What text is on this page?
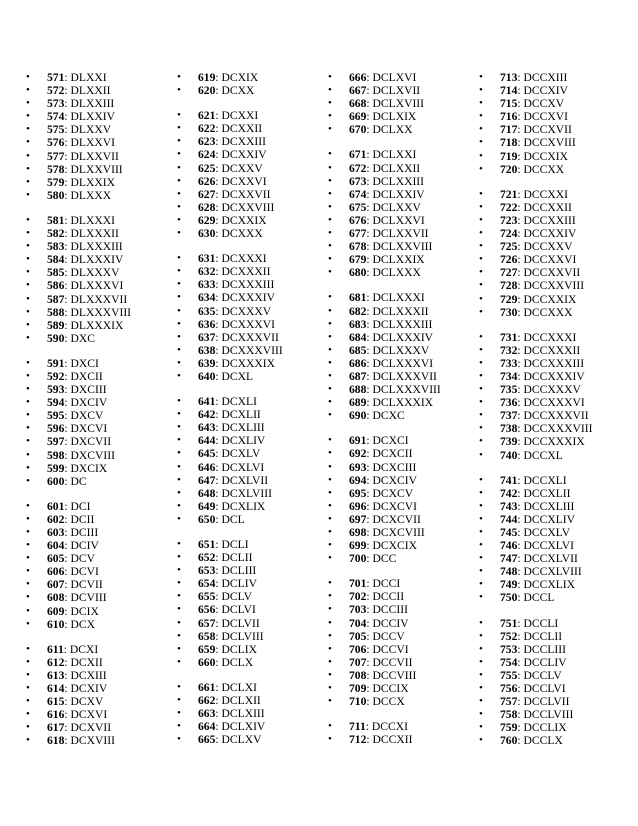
• 571: DLXXI
• 572: DLXXII
• 573: DLXXIII
• 574: DLXXIV
• 575: DLXXV
• 576: DLXXVI
• 577: DLXXVII
• 578: DLXXVIII
• 579: DLXXIX
• 580: DLXXX
• 581: DLXXXI
• 582: DLXXXII
• 583: DLXXXIII
• 584: DLXXXIV
• 585: DLXXXV
• 586: DLXXXVI
• 587: DLXXXVII
• 588: DLXXXVIII
• 589: DLXXXIX
• 590: DXC
• 591: DXCI
• 592: DXCII
• 593: DXCIII
• 594: DXCIV
• 595: DXCV
• 596: DXCVI
• 597: DXCVII
• 598: DXCVIII
• 599: DXCIX
• 600: DC
• 601: DCI
• 602: DCII
• 603: DCIII
• 604: DCIV
• 605: DCV
• 606: DCVI
• 607: DCVII
• 608: DCVIII
• 609: DCIX
• 610: DCX
• 611: DCXI
• 612: DCXII
• 613: DCXIII
• 614: DCXIV
• 615: DCXV
• 616: DCXVI
• 617: DCXVII
• 618: DCXVIII
• 619: DCXIX
• 620: DCXX
• 621: DCXXI
• 622: DCXXII
• 623: DCXXIII
• 624: DCXXIV
• 625: DCXXV
• 626: DCXXVI
• 627: DCXXVII
• 628: DCXXVIII
• 629: DCXXIX
• 630: DCXXX
• 631: DCXXXI
• 632: DCXXXII
• 633: DCXXXIII
• 634: DCXXXIV
• 635: DCXXXV
• 636: DCXXXVI
• 637: DCXXXVII
• 638: DCXXXVIII
• 639: DCXXXIX
• 640: DCXL
• 641: DCXLI
• 642: DCXLII
• 643: DCXLIII
• 644: DCXLIV
• 645: DCXLV
• 646: DCXLVI
• 647: DCXLVII
• 648: DCXLVIII
• 649: DCXLIX
• 650: DCL
• 651: DCLI
• 652: DCLII
• 653: DCLIII
• 654: DCLIV
• 655: DCLV
• 656: DCLVI
• 657: DCLVII
• 658: DCLVIII
• 659: DCLIX
• 660: DCLX
• 661: DCLXI
• 662: DCLXII
• 663: DCLXIII
• 664: DCLXIV
• 665: DCLXV
• 666: DCLXVI
• 667: DCLXVII
• 668: DCLXVIII
• 669: DCLXIX
• 670: DCLXX
• 671: DCLXXI
• 672: DCLXXII
• 673: DCLXXIII
• 674: DCLXXIV
• 675: DCLXXV
• 676: DCLXXVI
• 677: DCLXXVII
• 678: DCLXXVIII
• 679: DCLXXIX
• 680: DCLXXX
• 681: DCLXXXI
• 682: DCLXXXII
• 683: DCLXXXIII
• 684: DCLXXXIV
• 685: DCLXXXV
• 686: DCLXXXVI
• 687: DCLXXXVII
• 688: DCLXXXVIII
• 689: DCLXXXIX
• 690: DCXC
• 691: DCXCI
• 692: DCXCII
• 693: DCXCIII
• 694: DCXCIV
• 695: DCXCV
• 696: DCXCVI
• 697: DCXCVII
• 698: DCXCVIII
• 699: DCXCIX
• 700: DCC
• 701: DCCI
• 702: DCCII
• 703: DCCIII
• 704: DCCIV
• 705: DCCV
• 706: DCCVI
• 707: DCCVII
• 708: DCCVIII
• 709: DCCIX
• 710: DCCX
• 711: DCCXI
• 712: DCCXII
• 713: DCCXIII
• 714: DCCXIV
• 715: DCCXV
• 716: DCCXVI
• 717: DCCXVII
• 718: DCCXVIII
• 719: DCCXIX
• 720: DCCXX
• 721: DCCXXI
• 722: DCCXXII
• 723: DCCXXIII
• 724: DCCXXIV
• 725: DCCXXV
• 726: DCCXXVI
• 727: DCCXXVII
• 728: DCCXXVIII
• 729: DCCXXIX
• 730: DCCXXX
• 731: DCCXXXI
• 732: DCCXXXII
• 733: DCCXXXIII
• 734: DCCXXXIV
• 735: DCCXXXV
• 736: DCCXXXVI
• 737: DCCXXXVII
• 738: DCCXXXVIII
• 739: DCCXXXIX
• 740: DCCXL
• 741: DCCXLI
• 742: DCCXLII
• 743: DCCXLIII
• 744: DCCXLIV
• 745: DCCXLV
• 746: DCCXLVI
• 747: DCCXLVII
• 748: DCCXLVIII
• 749: DCCXLIX
• 750: DCCL
• 751: DCCLI
• 752: DCCLII
• 753: DCCLIII
• 754: DCCLIV
• 755: DCCLV
• 756: DCCLVI
• 757: DCCLVII
• 758: DCCLVIII
• 759: DCCLIX
• 760: DCCLX
